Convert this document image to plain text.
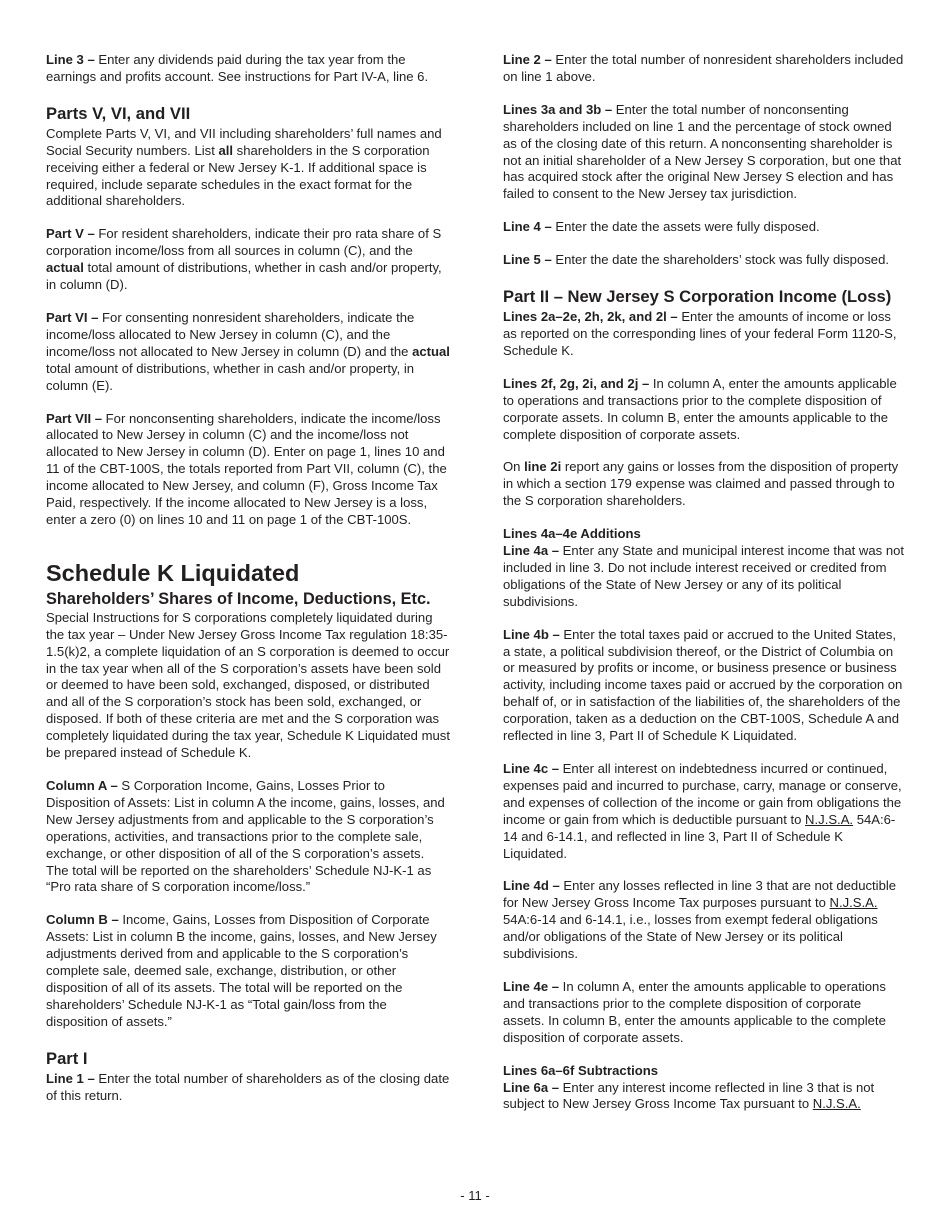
Line 3 – Enter any dividends paid during the tax year from the earnings and profits account. See instructions for Part IV-A, line 6.

Parts V, VI, and VII

Complete Parts V, VI, and VII including shareholders’ full names and Social Security numbers. List all shareholders in the S corporation receiving either a federal or New Jersey K-1. If additional space is required, include separate schedules in the exact format for the additional shareholders.

Part V – For resident shareholders, indicate their pro rata share of S corporation income/loss from all sources in column (C), and the actual total amount of distributions, whether in cash and/or property, in column (D).

Part VI – For consenting nonresident shareholders, indicate the income/loss allocated to New Jersey in column (C), and the income/loss not allocated to New Jersey in column (D) and the actual total amount of distributions, whether in cash and/or property, in column (E).

Part VII – For nonconsenting shareholders, indicate the income/loss allocated to New Jersey in column (C) and the income/loss not allocated to New Jersey in column (D). Enter on page 1, lines 10 and 11 of the CBT-100S, the totals reported from Part VII, column (C), the income allocated to New Jersey, and column (F), Gross Income Tax Paid, respectively. If the income allocated to New Jersey is a loss, enter a zero (0) on lines 10 and 11 on page 1 of the CBT-100S.

Schedule K Liquidated
Shareholders’ Shares of Income, Deductions, Etc.

Special Instructions for S corporations completely liquidated during the tax year – Under New Jersey Gross Income Tax regulation 18:35-1.5(k)2, a complete liquidation of an S corporation is deemed to occur in the tax year when all of the S corporation’s assets have been sold or deemed to have been sold, exchanged, disposed, or distributed and all of the S corporation’s stock has been sold, exchanged, or disposed. If both of these criteria are met and the S corporation was completely liquidated during the tax year, Schedule K Liquidated must be prepared instead of Schedule K.

Column A – S Corporation Income, Gains, Losses Prior to Disposition of Assets: List in column A the income, gains, losses, and New Jersey adjustments from and applicable to the S corporation’s operations, activities, and transactions prior to the complete sale, exchange, or other disposition of all of the S corporation’s assets. The total will be reported on the shareholders’ Schedule NJ-K-1 as “Pro rata share of S corporation income/loss.”

Column B – Income, Gains, Losses from Disposition of Corporate Assets: List in column B the income, gains, losses, and New Jersey adjustments derived from and applicable to the S corporation’s complete sale, deemed sale, exchange, distribution, or other disposition of all of its assets. The total will be reported on the shareholders’ Schedule NJ-K-1 as “Total gain/loss from the disposition of assets.”

Part I

Line 1 – Enter the total number of shareholders as of the closing date of this return.

Line 2 – Enter the total number of nonresident shareholders included on line 1 above.

Lines 3a and 3b – Enter the total number of nonconsenting shareholders included on line 1 and the percentage of stock owned as of the closing date of this return. A nonconsenting shareholder is not an initial shareholder of a New Jersey S corporation, but one that has acquired stock after the original New Jersey S election and has failed to consent to the New Jersey tax jurisdiction.

Line 4 – Enter the date the assets were fully disposed.

Line 5 – Enter the date the shareholders’ stock was fully disposed.

Part II – New Jersey S Corporation Income (Loss)

Lines 2a–2e, 2h, 2k, and 2l – Enter the amounts of income or loss as reported on the corresponding lines of your federal Form 1120-S, Schedule K.

Lines 2f, 2g, 2i, and 2j – In column A, enter the amounts applicable to operations and transactions prior to the complete disposition of corporate assets. In column B, enter the amounts applicable to the complete disposition of corporate assets.

On line 2i report any gains or losses from the disposition of property in which a section 179 expense was claimed and passed through to the S corporation shareholders.

Lines 4a–4e Additions

Line 4a – Enter any State and municipal interest income that was not included in line 3. Do not include interest received or credited from obligations of the State of New Jersey or any of its political subdivisions.

Line 4b – Enter the total taxes paid or accrued to the United States, a state, a political subdivision thereof, or the District of Columbia on or measured by profits or income, or business presence or business activity, including income taxes paid or accrued by the corporation on behalf of, or in satisfaction of the liabilities of, the shareholders of the corporation, taken as a deduction on the CBT-100S, Schedule A and reflected in line 3, Part II of Schedule K Liquidated.

Line 4c – Enter all interest on indebtedness incurred or continued, expenses paid and incurred to purchase, carry, manage or conserve, and expenses of collection of the income or gain from obligations the income or gain from which is deductible pursuant to N.J.S.A. 54A:6-14 and 6-14.1, and reflected in line 3, Part II of Schedule K Liquidated.

Line 4d – Enter any losses reflected in line 3 that are not deductible for New Jersey Gross Income Tax purposes pursuant to N.J.S.A. 54A:6-14 and 6-14.1, i.e., losses from exempt federal obligations and/or obligations of the State of New Jersey or its political subdivisions.

Line 4e – In column A, enter the amounts applicable to operations and transactions prior to the complete disposition of corporate assets. In column B, enter the amounts applicable to the complete disposition of corporate assets.

Lines 6a–6f Subtractions

Line 6a – Enter any interest income reflected in line 3 that is not subject to New Jersey Gross Income Tax pursuant to N.J.S.A.

- 11 -
